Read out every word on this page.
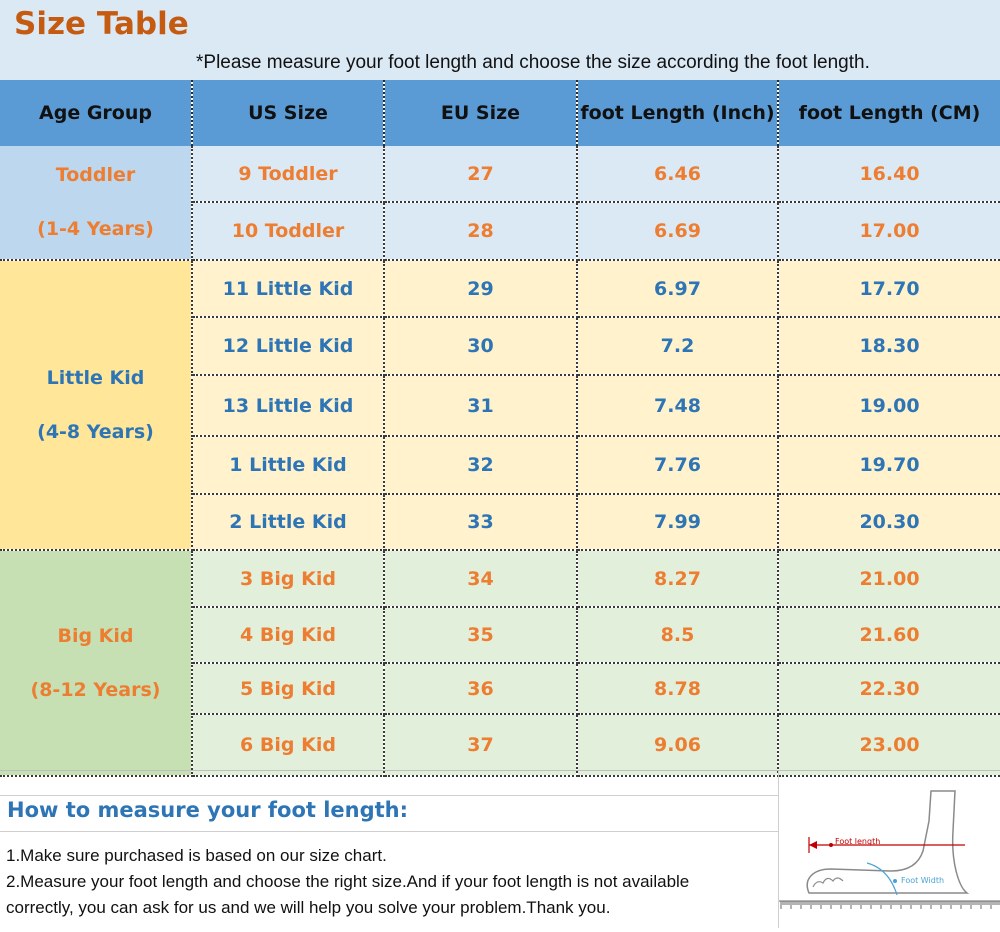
Size Table
*Please measure your foot length and choose the size according the foot length.
Age Group	US Size	EU Size	foot Length (Inch)	foot Length (CM)

Toddler
(1-4 Years)	9 Toddler	27	6.46	16.40
	10 Toddler	28	6.69	17.00

Little Kid
(4-8 Years)	11 Little Kid	29	6.97	17.70
	12 Little Kid	30	7.2	18.30
	13 Little Kid	31	7.48	19.00
	1 Little Kid	32	7.76	19.70
	2 Little Kid	33	7.99	20.30

Big Kid
(8-12 Years)	3 Big Kid	34	8.27	21.00
	4 Big Kid	35	8.5	21.60
	5 Big Kid	36	8.78	22.30
	6 Big Kid	37	9.06	23.00
How to measure your foot length:
1.Make sure purchased is based on our size chart.
2.Measure your foot length and choose the right size.And if your foot length is not available
correctly, you can ask for us and we will help you solve your problem.Thank you.
Foot length
Foot Width
